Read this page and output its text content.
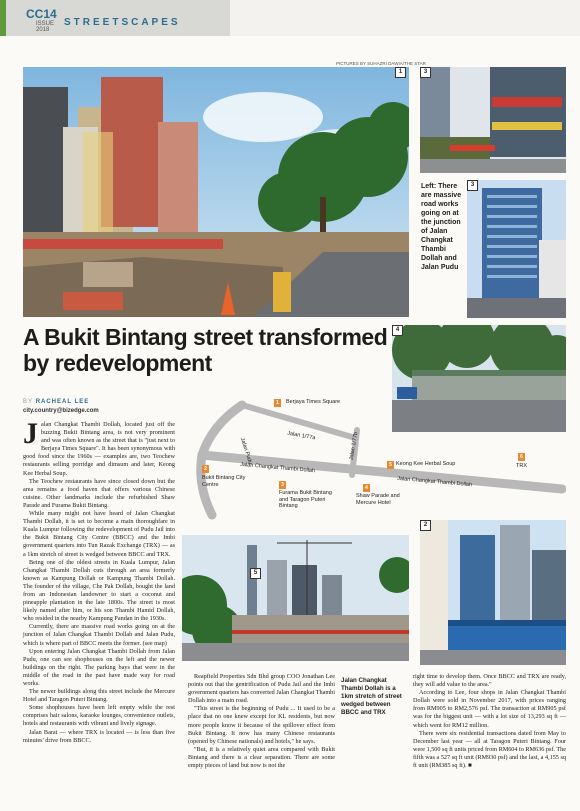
CC14
ISSUE
2018
STREETSCAPES
PICTURES BY SUHAZRI DAWIA/THE STAR
1	3
Left: There are massive road works going on at the junction of Jalan Changkat Thambi Dollah and Jalan Pudu
3
A Bukit Bintang street transformed by redevelopment
4
BY RACHEAL LEE
city.country@bizedge.com

Jalan Changkat Thambi Dollah, located just off the buzzing Bukit Bintang area, is not very prominent and was often known as the street that is "just next to Berjaya Times Square". It has been synonymous with good food since the 1960s — examples are, two Teochew restaurants selling porridge and dimsum and later, Keong Kee Herbal Soup.

The Teochew restaurants have since closed down but the area remains a food haven that offers various Chinese cuisine. Other landmarks include the refurbished Shaw Parade and Furama Bukit Bintang.

While many might not have heard of Jalan Changkat Thambi Dollah, it is set to become a main thoroughfare in Kuala Lumpur following the redevelopment of Pudu Jail into the Bukit Bintang City Centre (BBCC) and the Imbi government quarters into Tun Razak Exchange (TRX) — as a 1km stretch of street is wedged between BBCC and TRX.

Being one of the oldest streets in Kuala Lumpur, Jalan Changkat Thambi Dollah cuts through an area formerly known as Kampung Dollah or Kampung Thambi Dollah. The founder of the village, Che Pak Dollah, bought the land from an Indonesian landowner to start a coconut and pineapple plantation in the late 1800s. The street is most likely named after him, or his son Thambi Hamid Dollah, who resided in the nearby Kampung Pandan in the 1930s.

Currently, there are massive road works going on at the junction of Jalan Changkat Thambi Dollah and Jalan Pudu, which is where part of BBCC meets the former. (see map)

Upon entering Jalan Changkat Thambi Dollah from Jalan Pudu, one can see shophouses on the left and the newer buildings on the right. The parking bays that were in the middle of the road in the past have made way for road works.

The newer buildings along this street include the Mercure Hotel and Taragon Puteri Bintang.

Some shophouses have been left empty while the rest comprises hair salons, karaoke lounges, convenience outlets, hotels and restaurants with vibrant and lively signage.

Jalan Barat — where TRX is located — is less than five minutes' drive from BBCC.

Jalan Pudu
Jalan 1/77a	Jalan 1/77b
Jalan Changkat Thambi Dollah
Jalan Changkat Thambi Dollah
1	Berjaya Times Square
2
Bukit Bintang City Centre	3
Furama Bukit Bintang and Taragon Puteri Bintang
4
Shaw Parade and Mercure Hotel
5 Keong Kee Herbal Soup
6
TRX
5
2

Reapfield Properties Sdn Bhd group COO Jonathan Lee points out that the gentrification of Pudu Jail and the Imbi government quarters has converted Jalan Changkat Thambi Dollah into a main road.

"This street is the beginning of Pudu ... It used to be a place that no one knew except for KL residents, but now more people know it because of the spillover effect from Bukit Bintang. It now has many Chinese restaurants (opened by Chinese nationals) and hotels," he says.

"But, it is a relatively quiet area compared with Bukit Bintang and there is a clear separation. There are some empty pieces of land but now is not the

Jalan Changkat Thambi Dollah is a 1km stretch of street wedged between BBCC and TRX

right time to develop them. Once BBCC and TRX are ready, they will add value to the area."

According to Lee, four shops in Jalan Changkat Thambi Dollah were sold in November 2017, with prices ranging from RM905 to RM2,576 psf. The transaction at RM905 psf was for the biggest unit — with a lot size of 13,293 sq ft — which went for RM12 million.

There were six residential transactions dated from May to December last year — all at Taragon Puteri Bintang. Four were 1,500 sq ft units priced from RM604 to RM636 psf. The fifth was a 527 sq ft unit (RM930 psf) and the last, a 4,155 sq ft unit (RM385 sq ft). ■
